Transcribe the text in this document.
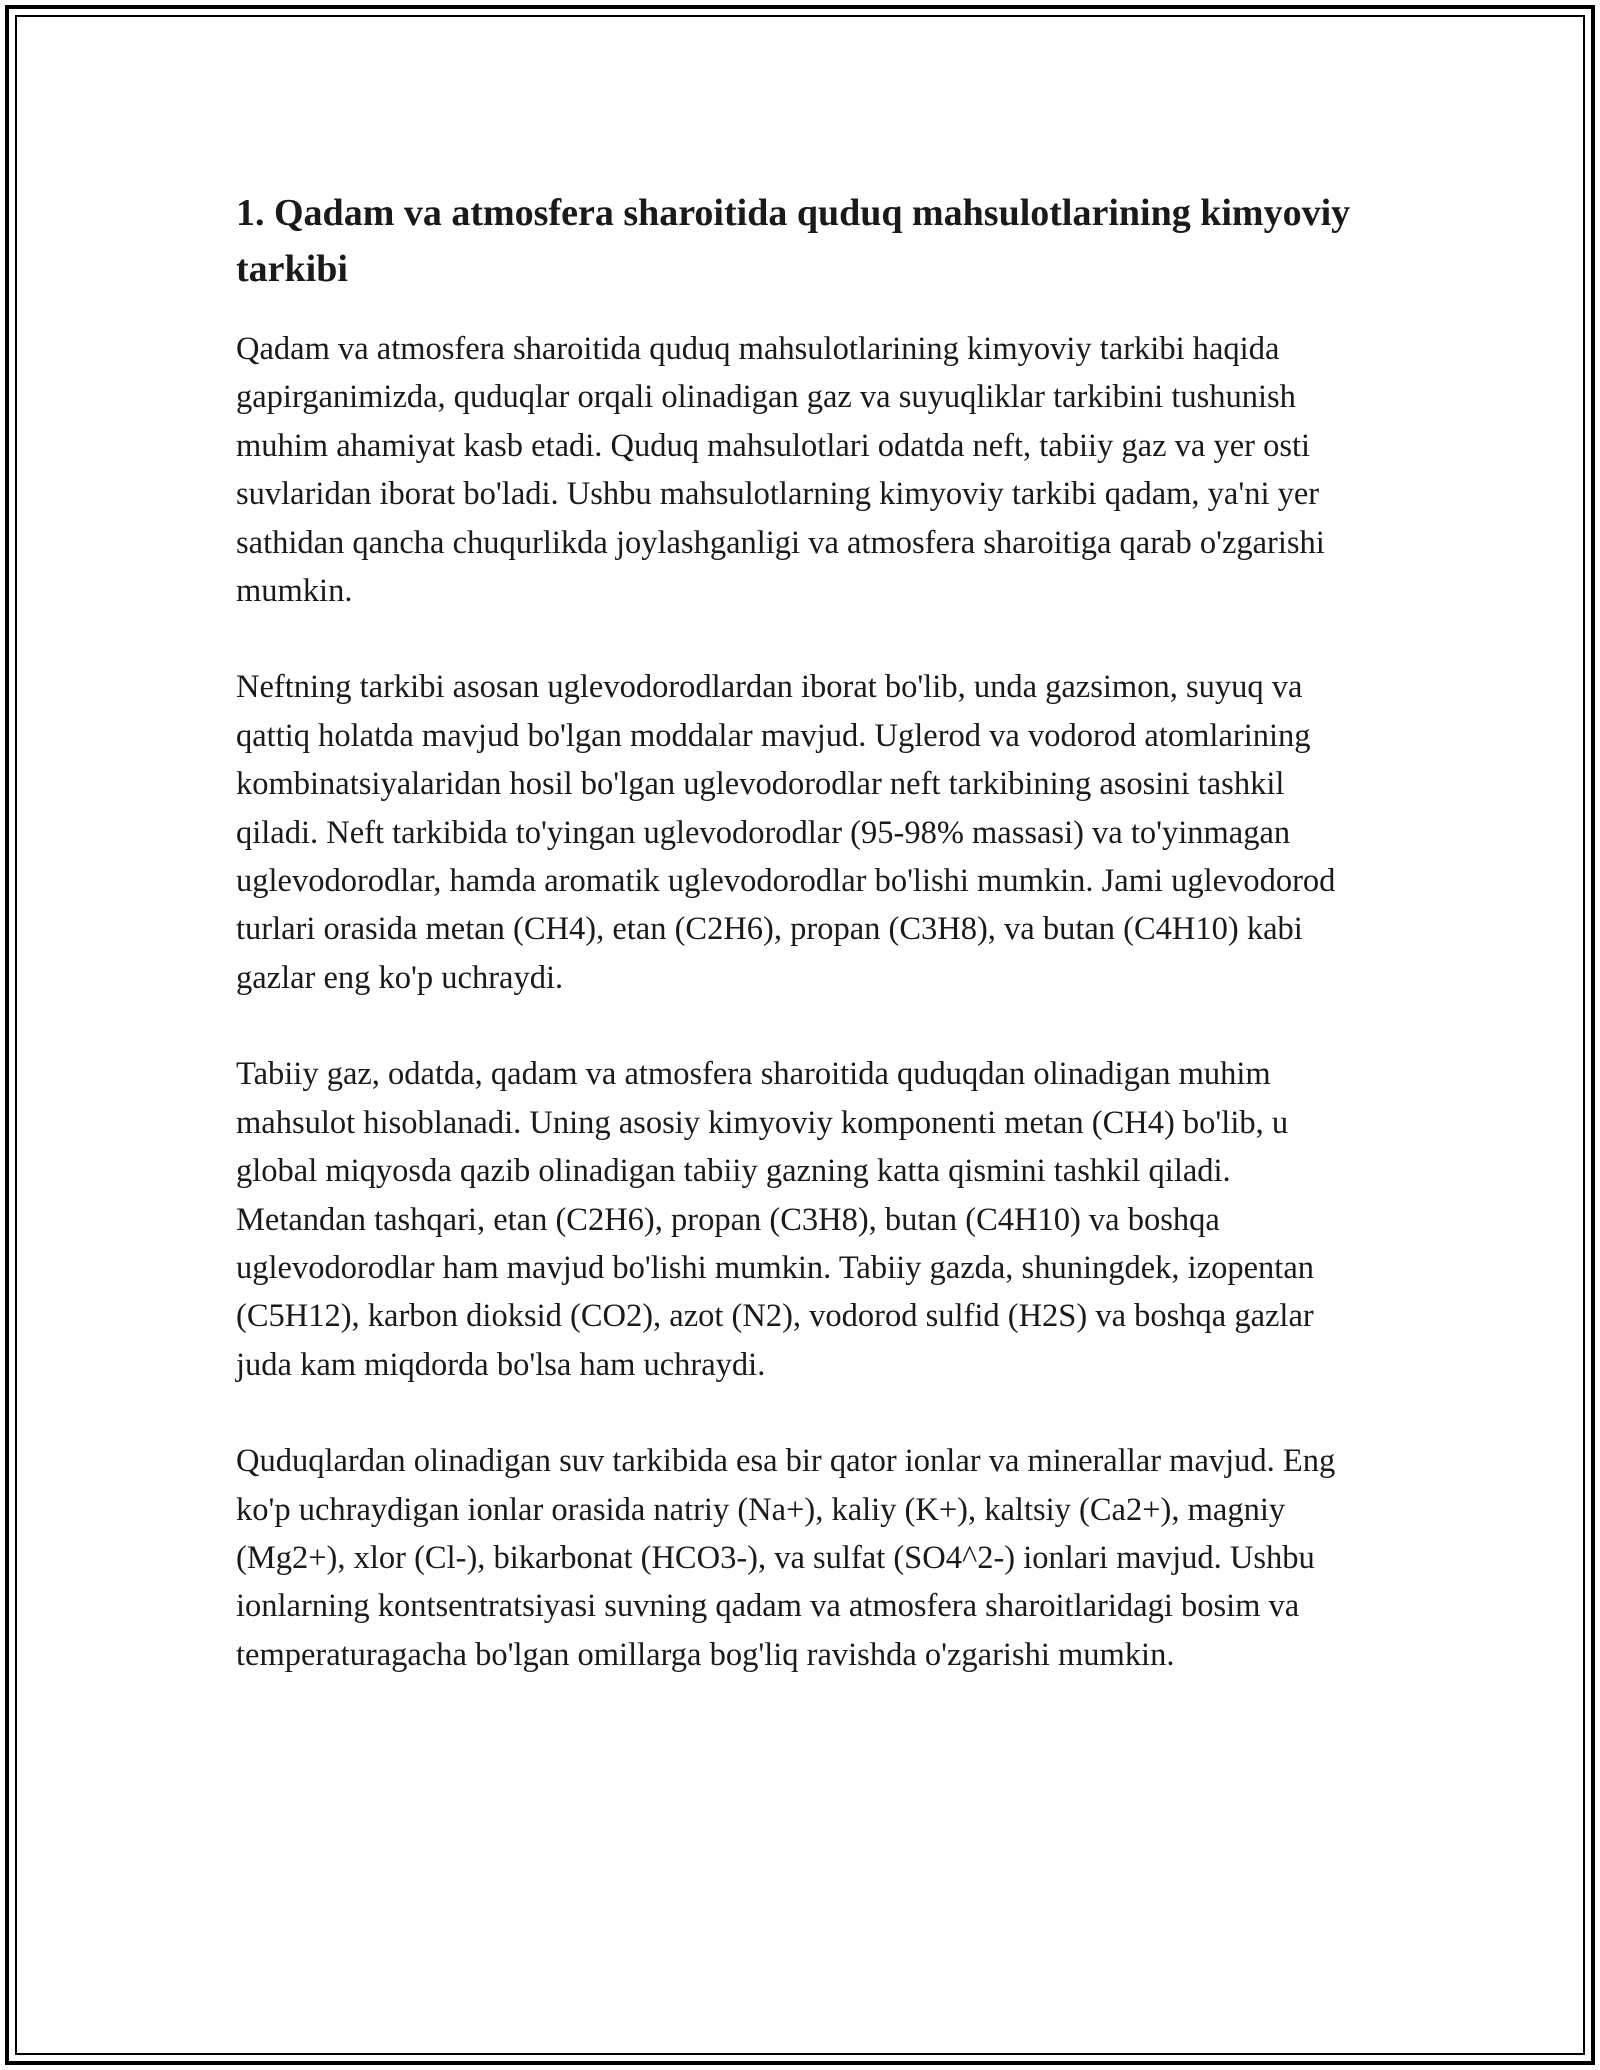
1. Qadam va atmosfera sharoitida quduq mahsulotlarining kimyoviy tarkibi

Qadam va atmosfera sharoitida quduq mahsulotlarining kimyoviy tarkibi haqida gapirganimizda, quduqlar orqali olinadigan gaz va suyuqliklar tarkibini tushunish muhim ahamiyat kasb etadi. Quduq mahsulotlari odatda neft, tabiiy gaz va yer osti suvlaridan iborat bo'ladi. Ushbu mahsulotlarning kimyoviy tarkibi qadam, ya'ni yer sathidan qancha chuqurlikda joylashganligi va atmosfera sharoitiga qarab o'zgarishi mumkin.

Neftning tarkibi asosan uglevodorodlardan iborat bo'lib, unda gazsimon, suyuq va qattiq holatda mavjud bo'lgan moddalar mavjud. Uglerod va vodorod atomlarining kombinatsiyalaridan hosil bo'lgan uglevodorodlar neft tarkibining asosini tashkil qiladi. Neft tarkibida to'yingan uglevodorodlar (95-98% massasi) va to'yinmagan uglevodorodlar, hamda aromatik uglevodorodlar bo'lishi mumkin. Jami uglevodorod turlari orasida metan (CH4), etan (C2H6), propan (C3H8), va butan (C4H10) kabi gazlar eng ko'p uchraydi.

Tabiiy gaz, odatda, qadam va atmosfera sharoitida quduqdan olinadigan muhim mahsulot hisoblanadi. Uning asosiy kimyoviy komponenti metan (CH4) bo'lib, u global miqyosda qazib olinadigan tabiiy gazning katta qismini tashkil qiladi. Metandan tashqari, etan (C2H6), propan (C3H8), butan (C4H10) va boshqa uglevodorodlar ham mavjud bo'lishi mumkin. Tabiiy gazda, shuningdek, izopentan (C5H12), karbon dioksid (CO2), azot (N2), vodorod sulfid (H2S) va boshqa gazlar juda kam miqdorda bo'lsa ham uchraydi.

Quduqlardan olinadigan suv tarkibida esa bir qator ionlar va minerallar mavjud. Eng ko'p uchraydigan ionlar orasida natriy (Na+), kaliy (K+), kaltsiy (Ca2+), magniy (Mg2+), xlor (Cl-), bikarbonat (HCO3-), va sulfat (SO4^2-) ionlari mavjud. Ushbu ionlarning kontsentratsiyasi suvning qadam va atmosfera sharoitlaridagi bosim va temperaturagacha bo'lgan omillarga bog'liq ravishda o'zgarishi mumkin.
